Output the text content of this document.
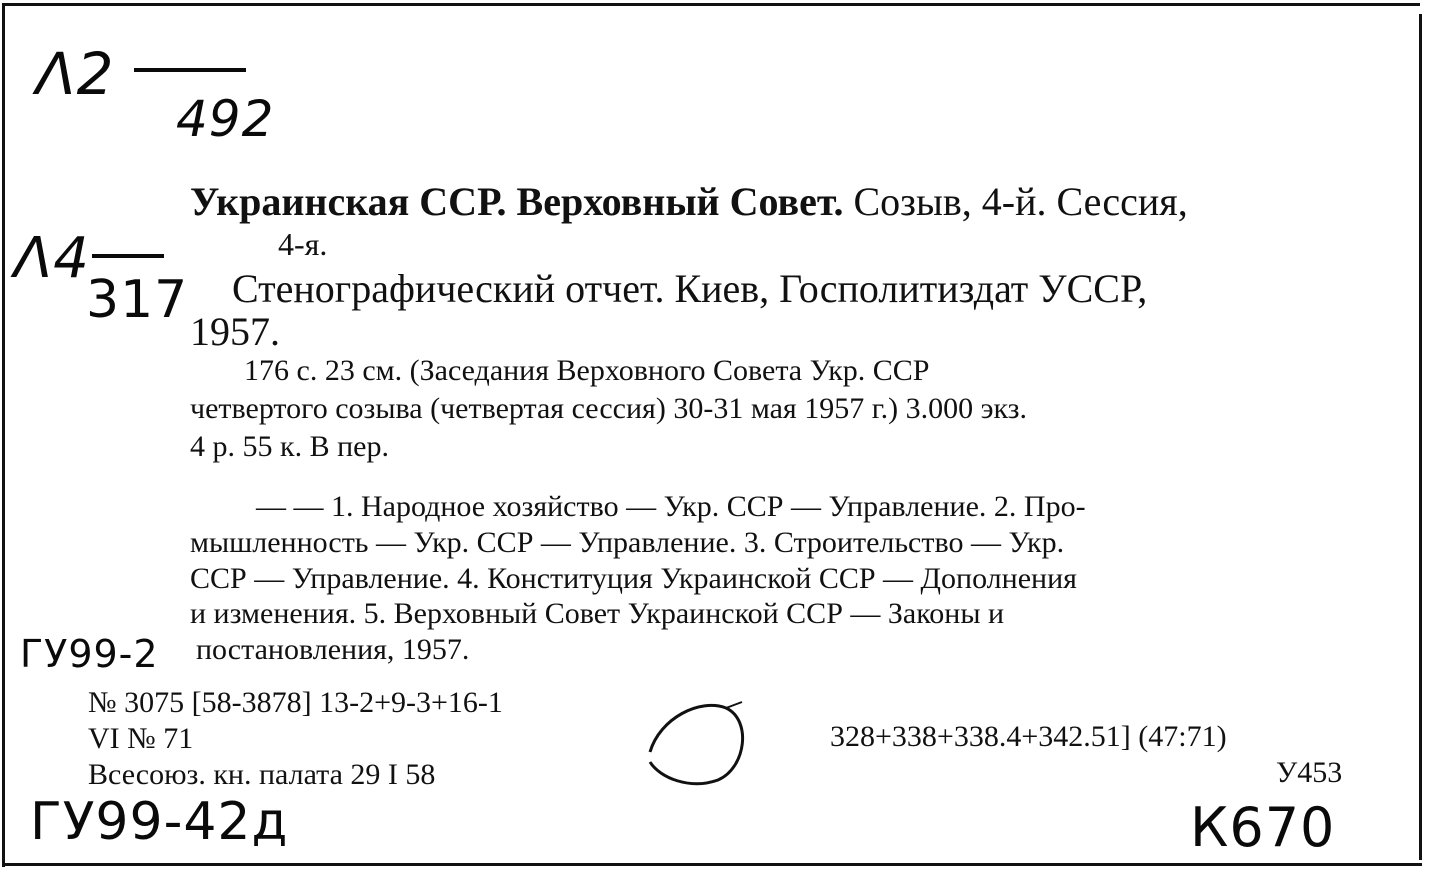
Λ2
492
Λ4
317
Украинская ССР. Верховный Совет. Созыв, 4-й. Сессия,
4-я.
Стенографический отчет. Киев, Госполитиздат УССР,
1957.
176 с. 23 см. (Заседания Верховного Совета Укр. ССР
четвертого созыва (четвертая сессия) 30-31 мая 1957 г.) 3.000 экз.
4 р. 55 к. В пер.
— — 1. Народное хозяйство — Укр. ССР — Управление. 2. Про-
мышленность — Укр. ССР — Управление. 3. Строительство — Укр.
ССР — Управление. 4. Конституция Украинской ССР — Дополнения
и изменения. 5. Верховный Совет Украинской ССР — Законы и
постановления, 1957.
ГУ99-2
№ 3075 [58-3878] 13-2+9-3+16-1
VI № 71
Всесоюз. кн. палата 29 I 58
328+338+338.4+342.51] (47:71)
У453
ГУ99-42д	К670
